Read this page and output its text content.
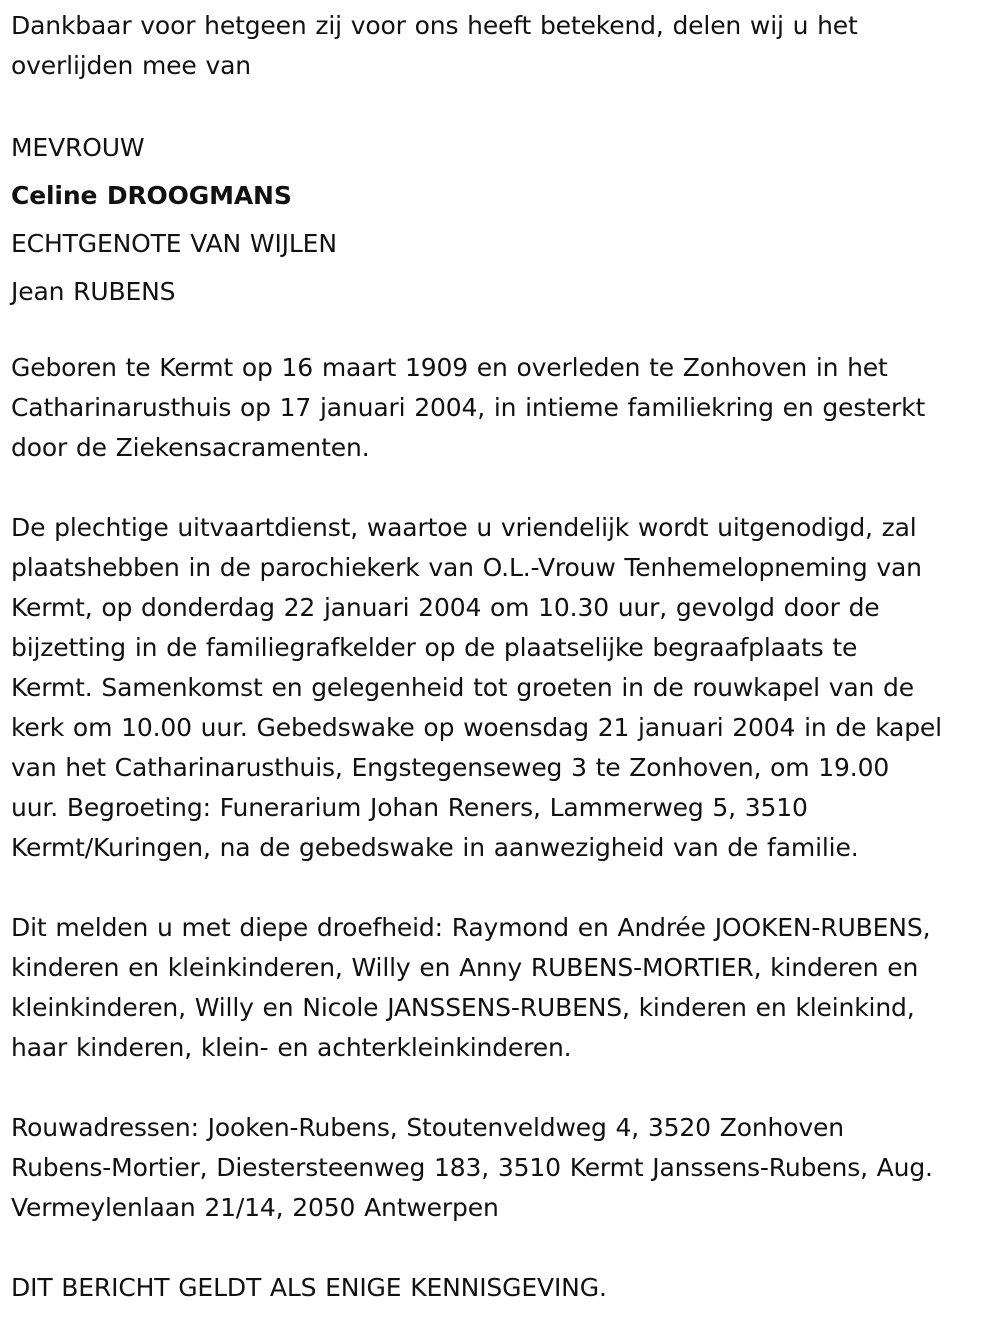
Dankbaar voor hetgeen zij voor ons heeft betekend, delen wij u het
overlijden mee van

MEVROUW

Celine DROOGMANS

ECHTGENOTE VAN WIJLEN

Jean RUBENS

Geboren te Kermt op 16 maart 1909 en overleden te Zonhoven in het
Catharinarusthuis op 17 januari 2004, in intieme familiekring en gesterkt
door de Ziekensacramenten.

De plechtige uitvaartdienst, waartoe u vriendelijk wordt uitgenodigd, zal
plaatshebben in de parochiekerk van O.L.-Vrouw Tenhemelopneming van
Kermt, op donderdag 22 januari 2004 om 10.30 uur, gevolgd door de
bijzetting in de familiegrafkelder op de plaatselijke begraafplaats te
Kermt. Samenkomst en gelegenheid tot groeten in de rouwkapel van de
kerk om 10.00 uur. Gebedswake op woensdag 21 januari 2004 in de kapel
van het Catharinarusthuis, Engstegenseweg 3 te Zonhoven, om 19.00
uur. Begroeting: Funerarium Johan Reners, Lammerweg 5, 3510
Kermt/Kuringen, na de gebedswake in aanwezigheid van de familie.

Dit melden u met diepe droefheid: Raymond en Andrée JOOKEN-RUBENS,
kinderen en kleinkinderen, Willy en Anny RUBENS-MORTIER, kinderen en
kleinkinderen, Willy en Nicole JANSSENS-RUBENS, kinderen en kleinkind,
haar kinderen, klein- en achterkleinkinderen.

Rouwadressen: Jooken-Rubens, Stoutenveldweg 4, 3520 Zonhoven
Rubens-Mortier, Diestersteenweg 183, 3510 Kermt Janssens-Rubens, Aug.
Vermeylenlaan 21/14, 2050 Antwerpen

DIT BERICHT GELDT ALS ENIGE KENNISGEVING.
